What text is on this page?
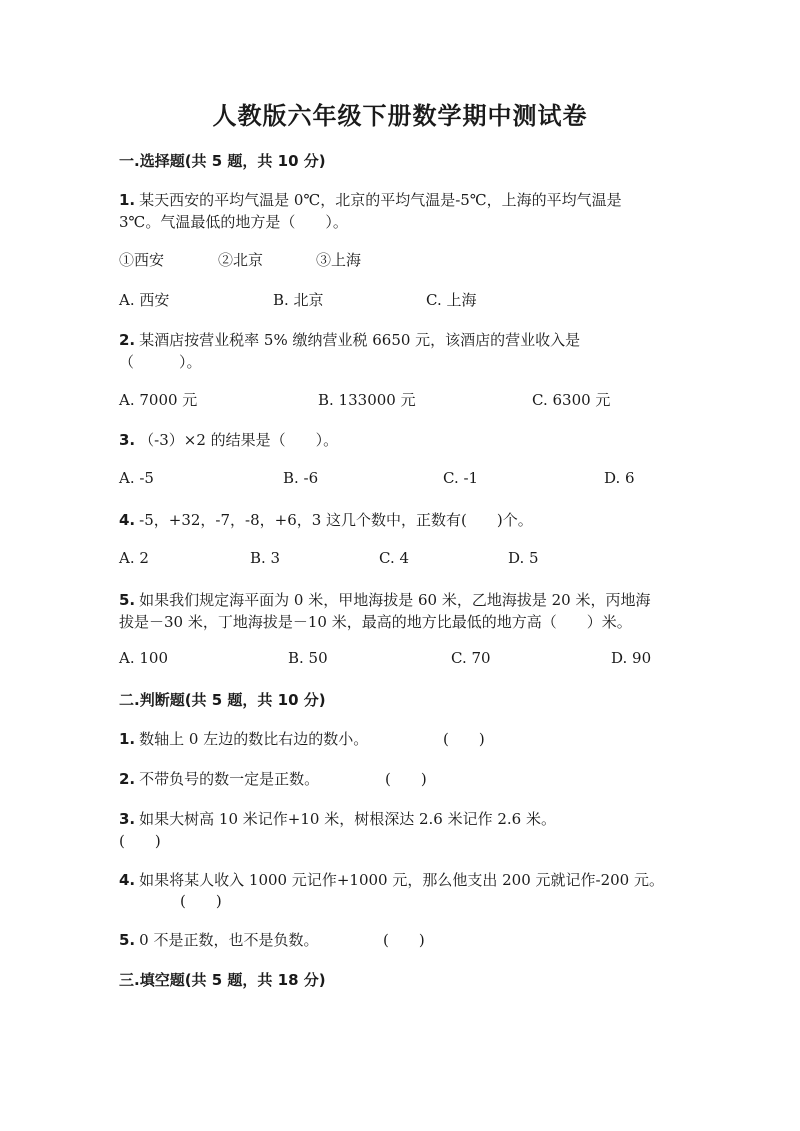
人教版六年级下册数学期中测试卷
一.选择题(共 5 题，共 10 分)
1. 某天西安的平均气温是 0℃，北京的平均气温是-5℃，上海的平均气温是
3℃。气温最低的地方是（　　）。
①西安	②北京	③上海
A. 西安	B. 北京	C. 上海
2. 某酒店按营业税率 5% 缴纳营业税 6650 元，该酒店的营业收入是
（　　　）。
A. 7000 元	B. 133000 元	C. 6300 元
3. （-3）×2 的结果是（　　）。
A. -5	B. -6	C. -1	D. 6
4. -5，+32，-7，-8，+6，3 这几个数中，正数有(　　)个。
A. 2	B. 3	C. 4	D. 5
5. 如果我们规定海平面为 0 米，甲地海拔是 60 米，乙地海拔是 20 米，丙地海
拔是－30 米，丁地海拔是－10 米，最高的地方比最低的地方高（　　）米。
A. 100	B. 50	C. 70	D. 90
二.判断题(共 5 题，共 10 分)
1. 数轴上 0 左边的数比右边的数小。	(　　)
2. 不带负号的数一定是正数。	(　　)
3. 如果大树高 10 米记作+10 米，树根深达 2.6 米记作 2.6 米。
(　　)
4. 如果将某人收入 1000 元记作+1000 元，那么他支出 200 元就记作-200 元。
(　　)
5. 0 不是正数，也不是负数。	(　　)
三.填空题(共 5 题，共 18 分)
